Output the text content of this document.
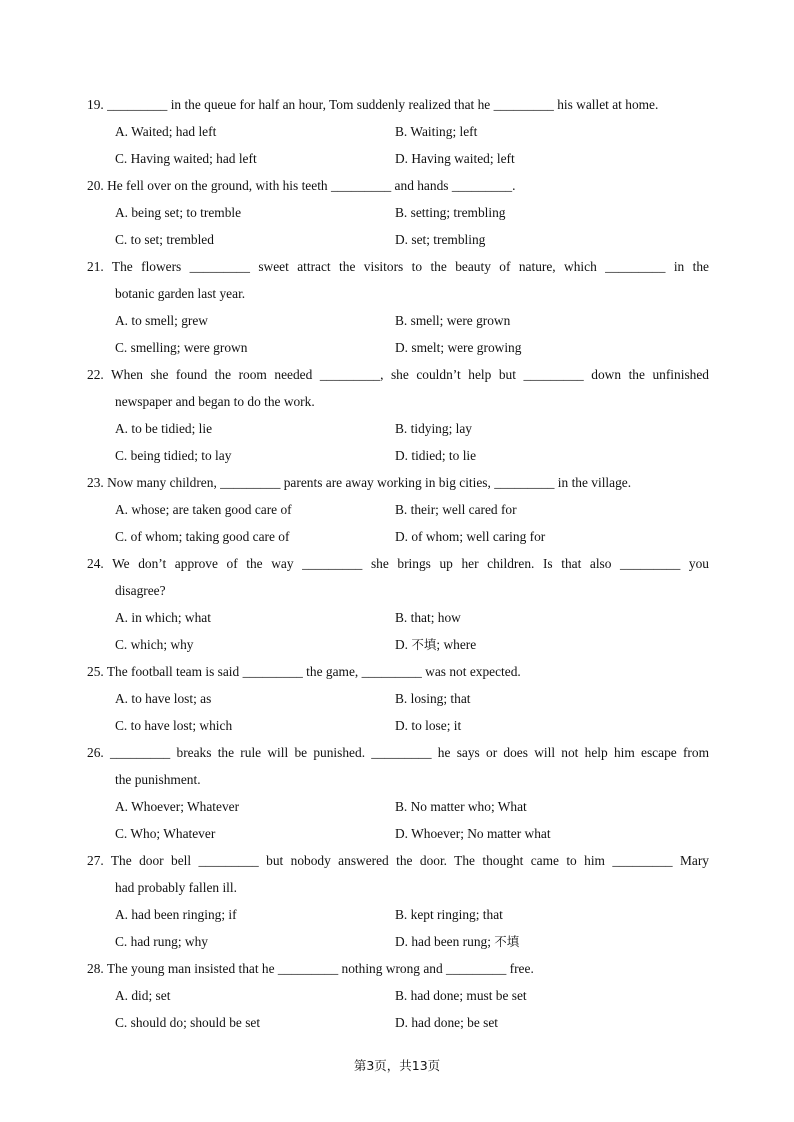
19. _________ in the queue for half an hour, Tom suddenly realized that he _________ his wallet at home.
A. Waited; had left	B. Waiting; left
C. Having waited; had left	D. Having waited; left
20. He fell over on the ground, with his teeth _________ and hands _________.
A. being set; to tremble	B. setting; trembling
C. to set; trembled	D. set; trembling
21. The flowers _________ sweet attract the visitors to the beauty of nature, which _________ in the
botanic garden last year.
A. to smell; grew	B. smell; were grown
C. smelling; were grown	D. smelt; were growing
22. When she found the room needed _________, she couldn’t help but _________ down the unfinished
newspaper and began to do the work.
A. to be tidied; lie	B. tidying; lay
C. being tidied; to lay	D. tidied; to lie
23. Now many children, _________ parents are away working in big cities, _________ in the village.
A. whose; are taken good care of	B. their; well cared for
C. of whom; taking good care of	D. of whom; well caring for
24. We don’t approve of the way _________ she brings up her children. Is that also _________ you
disagree?
A. in which; what	B. that; how
C. which; why	D. 不填; where
25. The football team is said _________ the game, _________ was not expected.
A. to have lost; as	B. losing; that
C. to have lost; which	D. to lose; it
26. _________ breaks the rule will be punished. _________ he says or does will not help him escape from
the punishment.
A. Whoever; Whatever	B. No matter who; What
C. Who; Whatever	D. Whoever; No matter what
27. The door bell _________ but nobody answered the door. The thought came to him _________ Mary
had probably fallen ill.
A. had been ringing; if	B. kept ringing; that
C. had rung; why	D. had been rung; 不填
28. The young man insisted that he _________ nothing wrong and _________ free.
A. did; set	B. had done; must be set
C. should do; should be set	D. had done; be set
第3页，共13页
